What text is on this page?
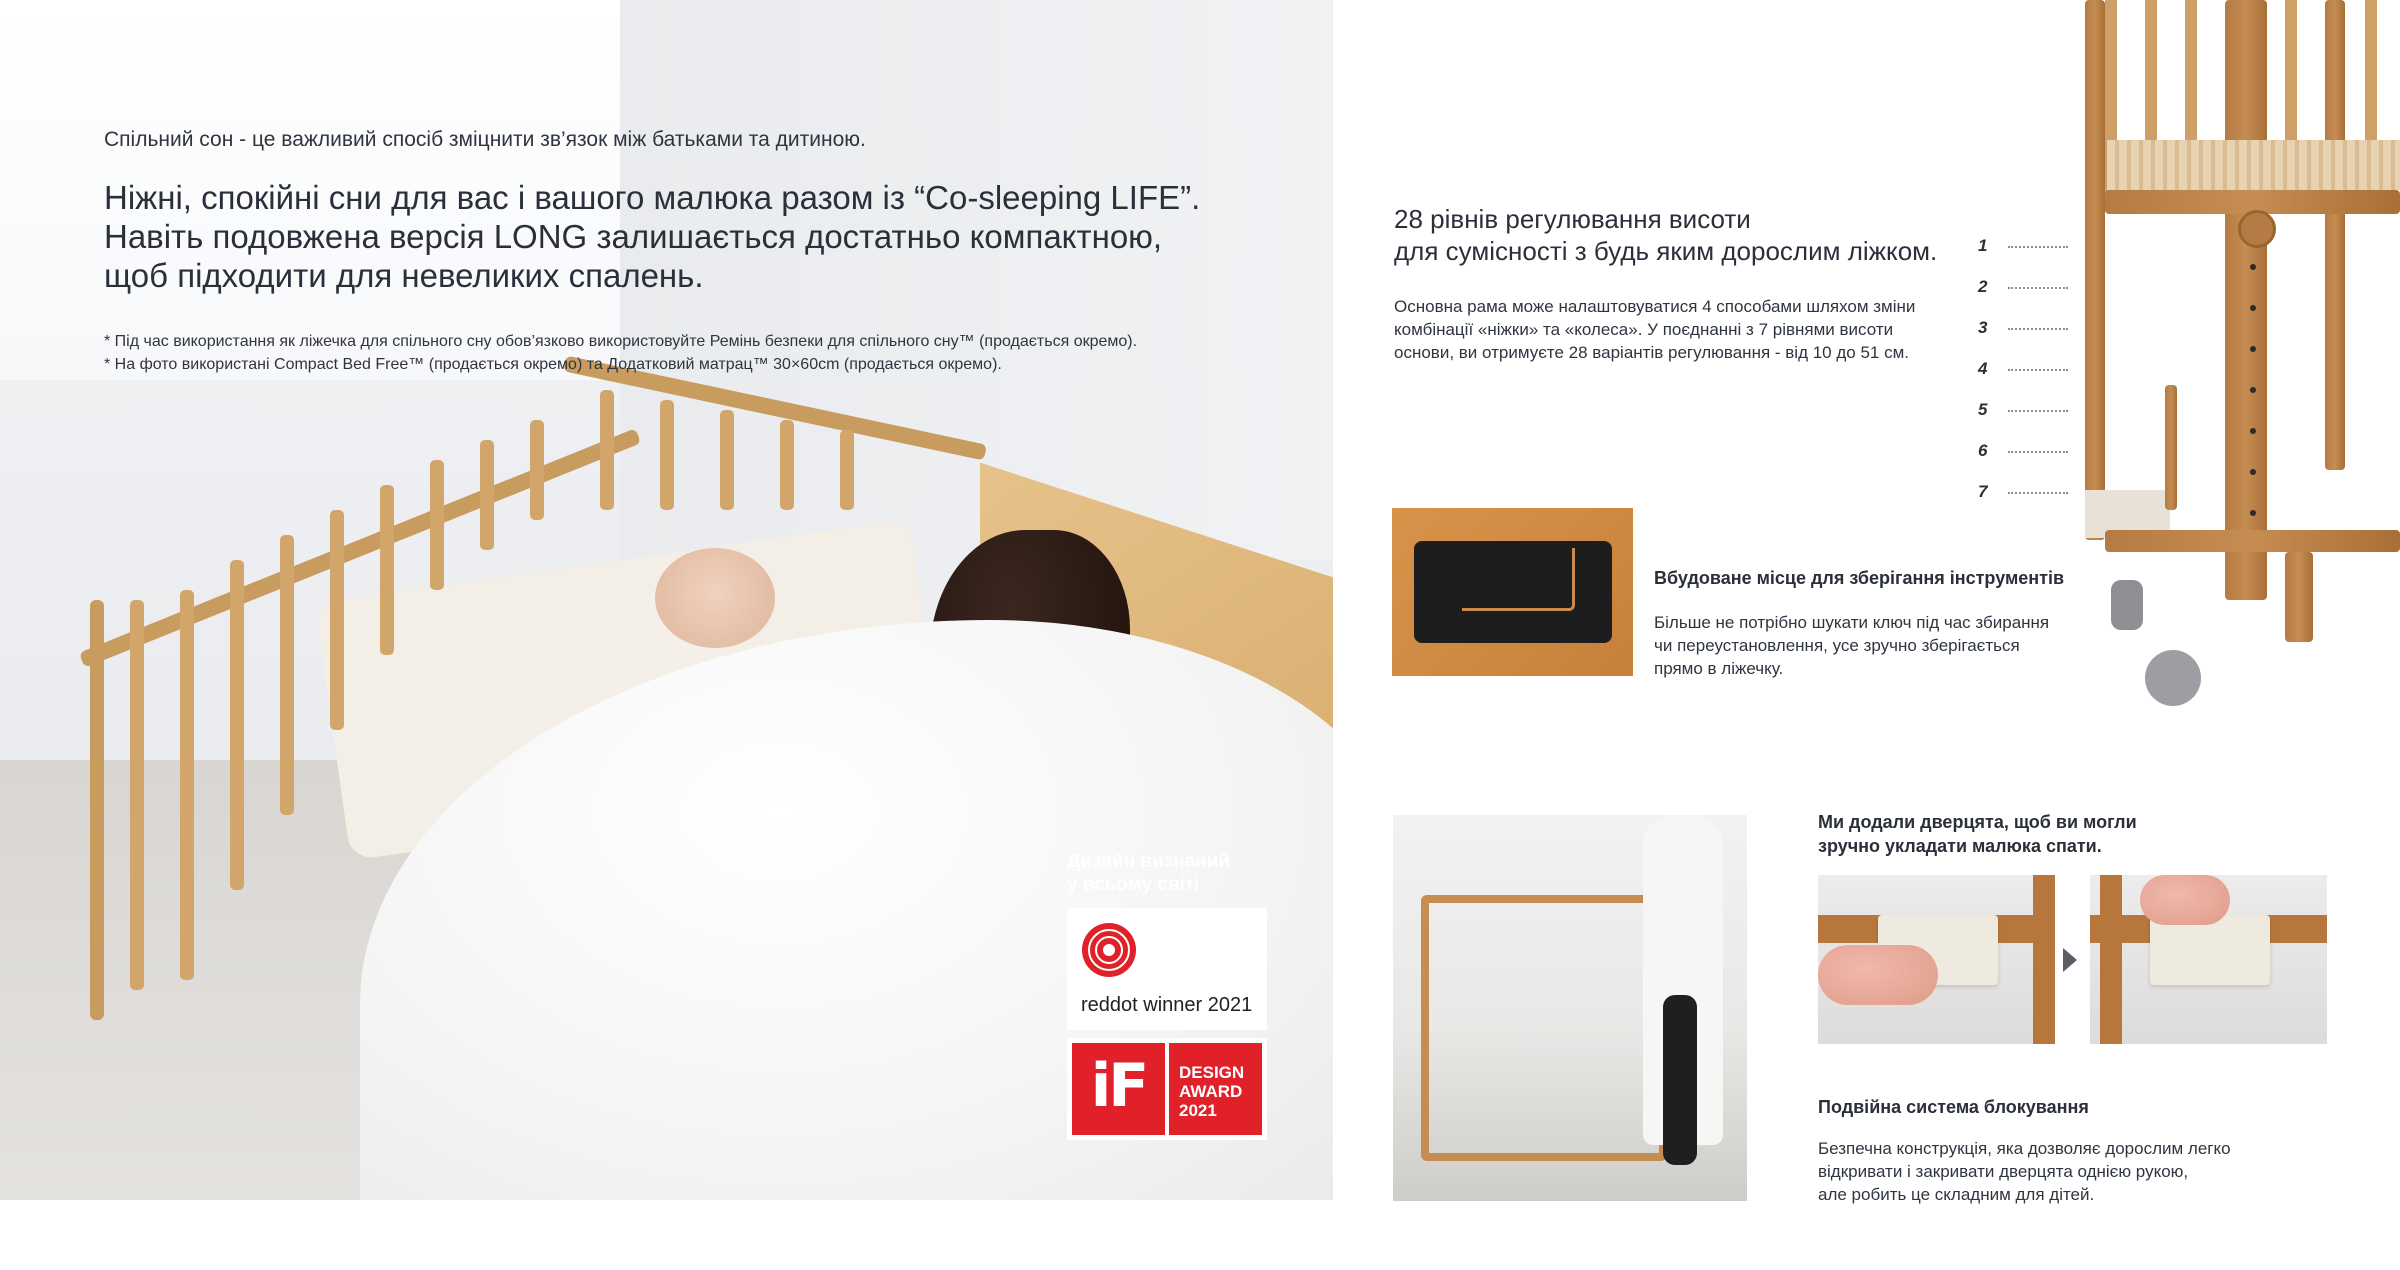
Спільний сон - це важливий спосіб зміцнити зв’язок між батьками та дитиною.
Ніжні, спокійні сни для вас і вашого малюка разом із “Co-sleeping LIFE”.
Навіть подовжена версія LONG залишається достатньо компактною,
щоб підходити для невеликих спалень.
* Під час використання як ліжечка для спільного сну обов’язково використовуйте Ремінь безпеки для спільного сну™ (продається окремо).
* На фото використані Compact Bed Free™ (продається окремо) та Додатковий матрац™ 30×60cm (продається окремо).
Дизайн визнаний
у всьому світі
reddot winner 2021
iF	DESIGN
AWARD
2021
28 рівнів регулювання висоти
для сумісності з будь яким дорослим ліжком.
Основна рама може налаштовуватися 4 способами шляхом зміни
комбінації «ніжки» та «колеса». У поєднанні з 7 рівнями висоти
основи, ви отримуєте 28 варіантів регулювання - від 10 до 51 см.
1
2
3
4
5
6
7
Вбудоване місце для зберігання інструментів
Більше не потрібно шукати ключ під час збирання
чи переустановлення, усе зручно зберігається
прямо в ліжечку.
Ми додали дверцята, щоб ви могли
зручно укладати малюка спати.
Подвійна система блокування
Безпечна конструкція, яка дозволяє дорослим легко
відкривати і закривати дверцята однією рукою,
але робить це складним для дітей.
